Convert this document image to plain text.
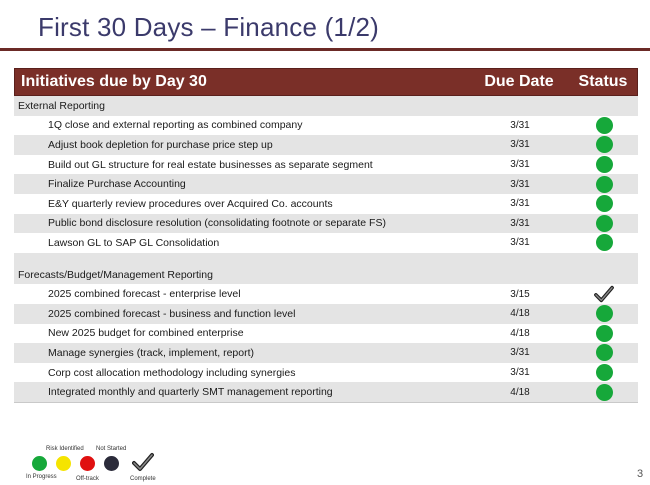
First 30 Days – Finance (1/2)
Initiatives due by Day 30	Due Date	Status
External Reporting
1Q close and external reporting as combined company	3/31
Adjust book depletion for purchase price step up	3/31
Build out GL structure for real estate businesses as separate segment	3/31
Finalize Purchase Accounting	3/31
E&Y quarterly review procedures over Acquired Co. accounts	3/31
Public bond disclosure resolution (consolidating footnote or separate FS)	3/31
Lawson GL to SAP GL Consolidation	3/31
Forecasts/Budget/Management Reporting
2025 combined forecast - enterprise level	3/15
2025 combined forecast - business and function level	4/18
New 2025 budget for combined enterprise	4/18
Manage synergies (track, implement, report)	3/31
Corp cost allocation methodology including synergies	3/31
Integrated monthly and quarterly SMT management reporting	4/18
Risk Identified Not Started
In Progress	Off-track	Complete	3
